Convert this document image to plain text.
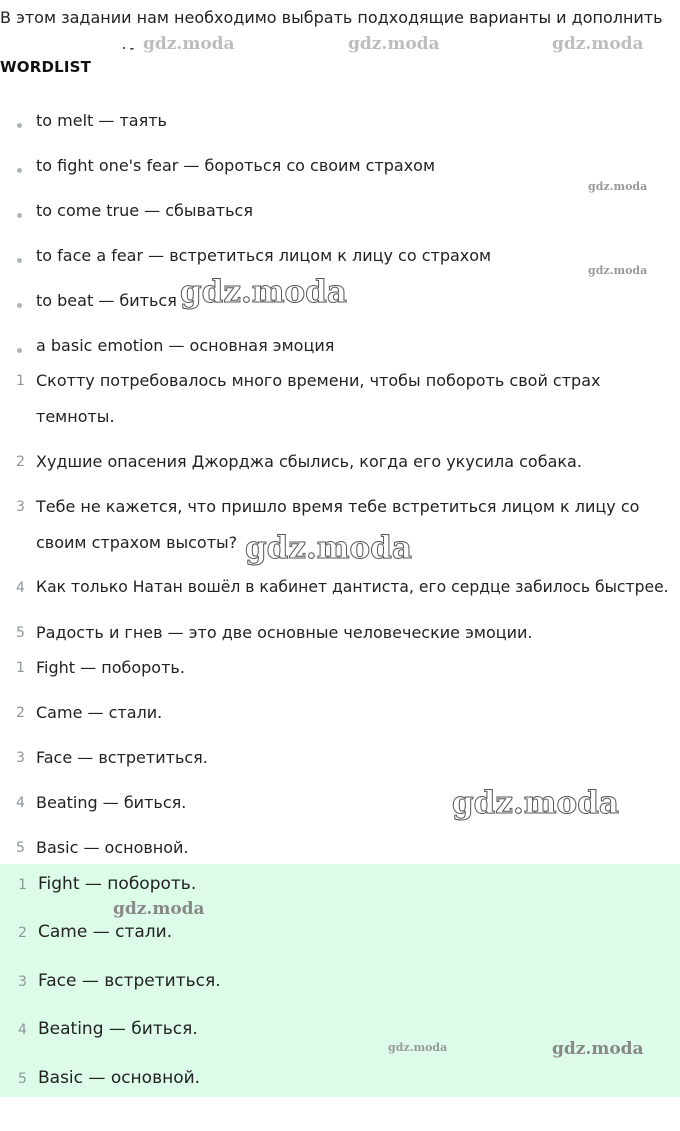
В этом задании нам необходимо выбрать подходящие варианты и дополнить
WORDLIST
to melt — таять
to fight one's fear — бороться со своим страхом
to come true — сбываться
to face a fear — встретиться лицом к лицу со страхом
to beat — биться
a basic emotion — основная эмоция
1 Скотту потребовалось много времени, чтобы побороть свой страх
темноты.
2 Худшие опасения Джорджа сбылись, когда его укусила собака.
3 Тебе не кажется, что пришло время тебе встретиться лицом к лицу со
своим страхом высоты?
4 Как только Натан вошёл в кабинет дантиста, его сердце забилось быстрее.
5 Радость и гнев — это две основные человеческие эмоции.
1 Fight — побороть.
2 Came — стали.
3 Face — встретиться.
4 Beating — биться.
5 Basic — основной.
1 Fight — побороть.
2 Came — стали.
3 Face — встретиться.
4 Beating — биться.
5 Basic — основной.
· - gdz.moda	gdz.moda	gdz.moda
gdz.moda
gdz.moda
gdz.moda
gdz.moda
gdz.moda
gdz.moda
gdz.moda	gdz.moda
